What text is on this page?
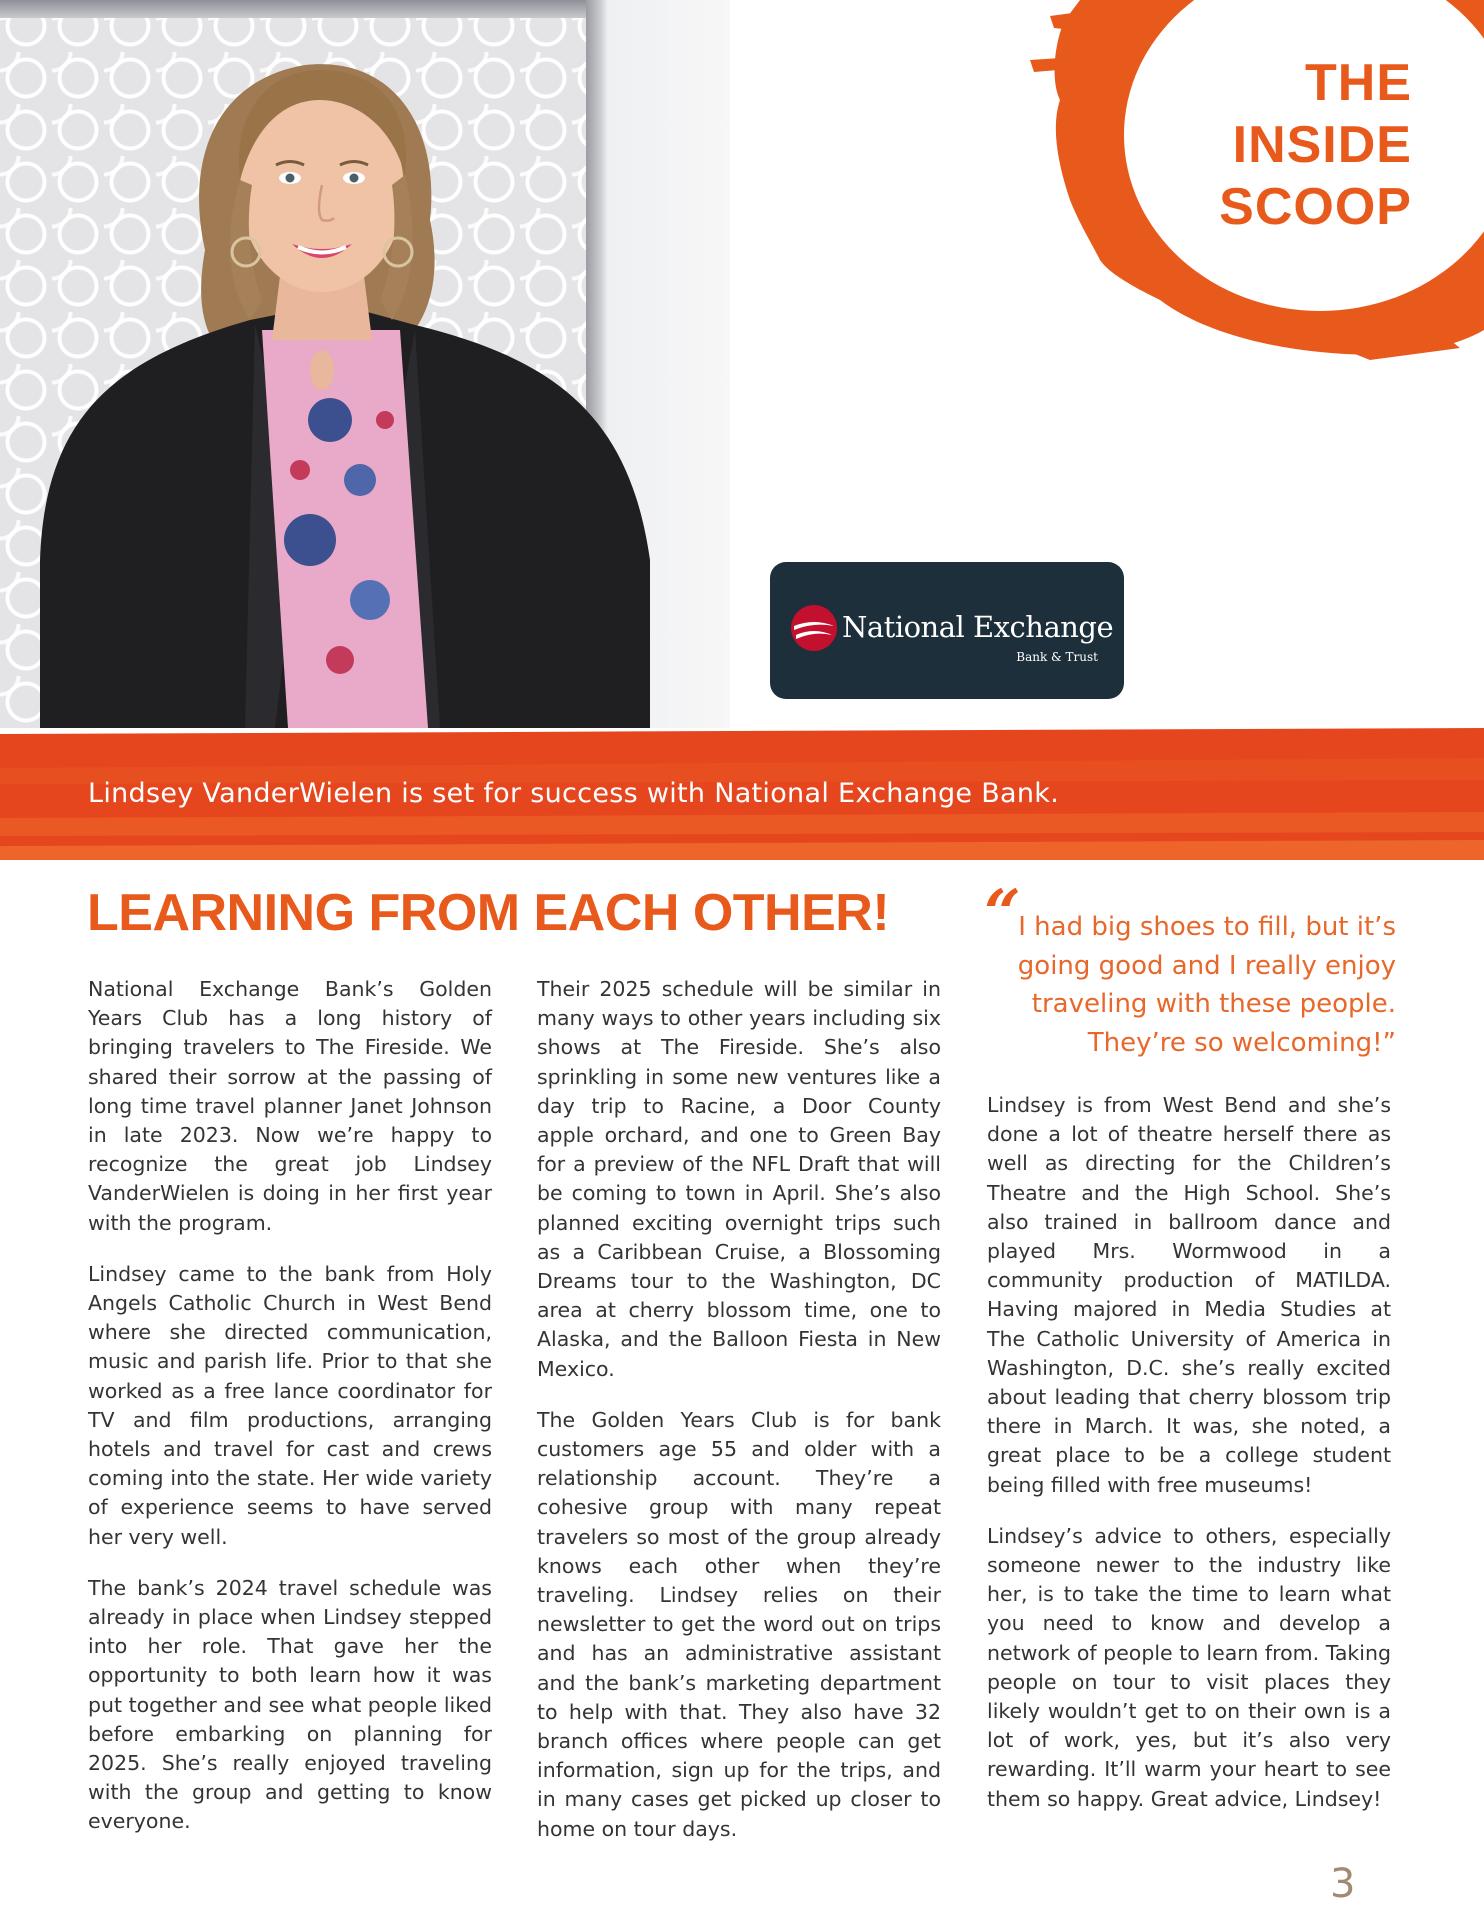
THE
INSIDE
SCOOP
National Exchange
Bank & Trust
Lindsey VanderWielen is set for success with National Exchange Bank.
LEARNING FROM EACH OTHER!

National Exchange Bank’s Golden Years Club has a long history of bringing travelers to The Fireside. We shared their sorrow at the passing of long time travel planner Janet Johnson in late 2023. Now we’re happy to recognize the great job Lindsey VanderWielen is doing in her first year with the program.

Lindsey came to the bank from Holy Angels Catholic Church in West Bend where she directed communication, music and parish life. Prior to that she worked as a free lance coordinator for TV and film productions, arranging hotels and travel for cast and crews coming into the state. Her wide variety of experience seems to have served her very well.

The bank’s 2024 travel schedule was already in place when Lindsey stepped into her role. That gave her the opportunity to both learn how it was put together and see what people liked before embarking on planning for 2025. She’s really enjoyed traveling with the group and getting to know everyone.

Their 2025 schedule will be similar in many ways to other years including six shows at The Fireside. She’s also sprinkling in some new ventures like a day trip to Racine, a Door County apple orchard, and one to Green Bay for a preview of the NFL Draft that will be coming to town in April. She’s also planned exciting overnight trips such as a Caribbean Cruise, a Blossoming Dreams tour to the Washington, DC area at cherry blossom time, one to Alaska, and the Balloon Fiesta in New Mexico.

The Golden Years Club is for bank customers age 55 and older with a relationship account. They’re a cohesive group with many repeat travelers so most of the group already knows each other when they’re traveling. Lindsey relies on their newsletter to get the word out on trips and has an administrative assistant and the bank’s marketing department to help with that. They also have 32 branch offices where people can get information, sign up for the trips, and in many cases get picked up closer to home on tour days.

“

I had big shoes to fill, but it’s going good and I really enjoy traveling with these people. They’re so welcoming!”

Lindsey is from West Bend and she’s done a lot of theatre herself there as well as directing for the Children’s Theatre and the High School. She’s also trained in ballroom dance and played Mrs. Wormwood in a community production of MATILDA. Having majored in Media Studies at The Catholic University of America in Washington, D.C. she’s really excited about leading that cherry blossom trip there in March. It was, she noted, a great place to be a college student being filled with free museums!

Lindsey’s advice to others, especially someone newer to the industry like her, is to take the time to learn what you need to know and develop a network of people to learn from. Taking people on tour to visit places they likely wouldn’t get to on their own is a lot of work, yes, but it’s also very rewarding. It’ll warm your heart to see them so happy. Great advice, Lindsey!

3
